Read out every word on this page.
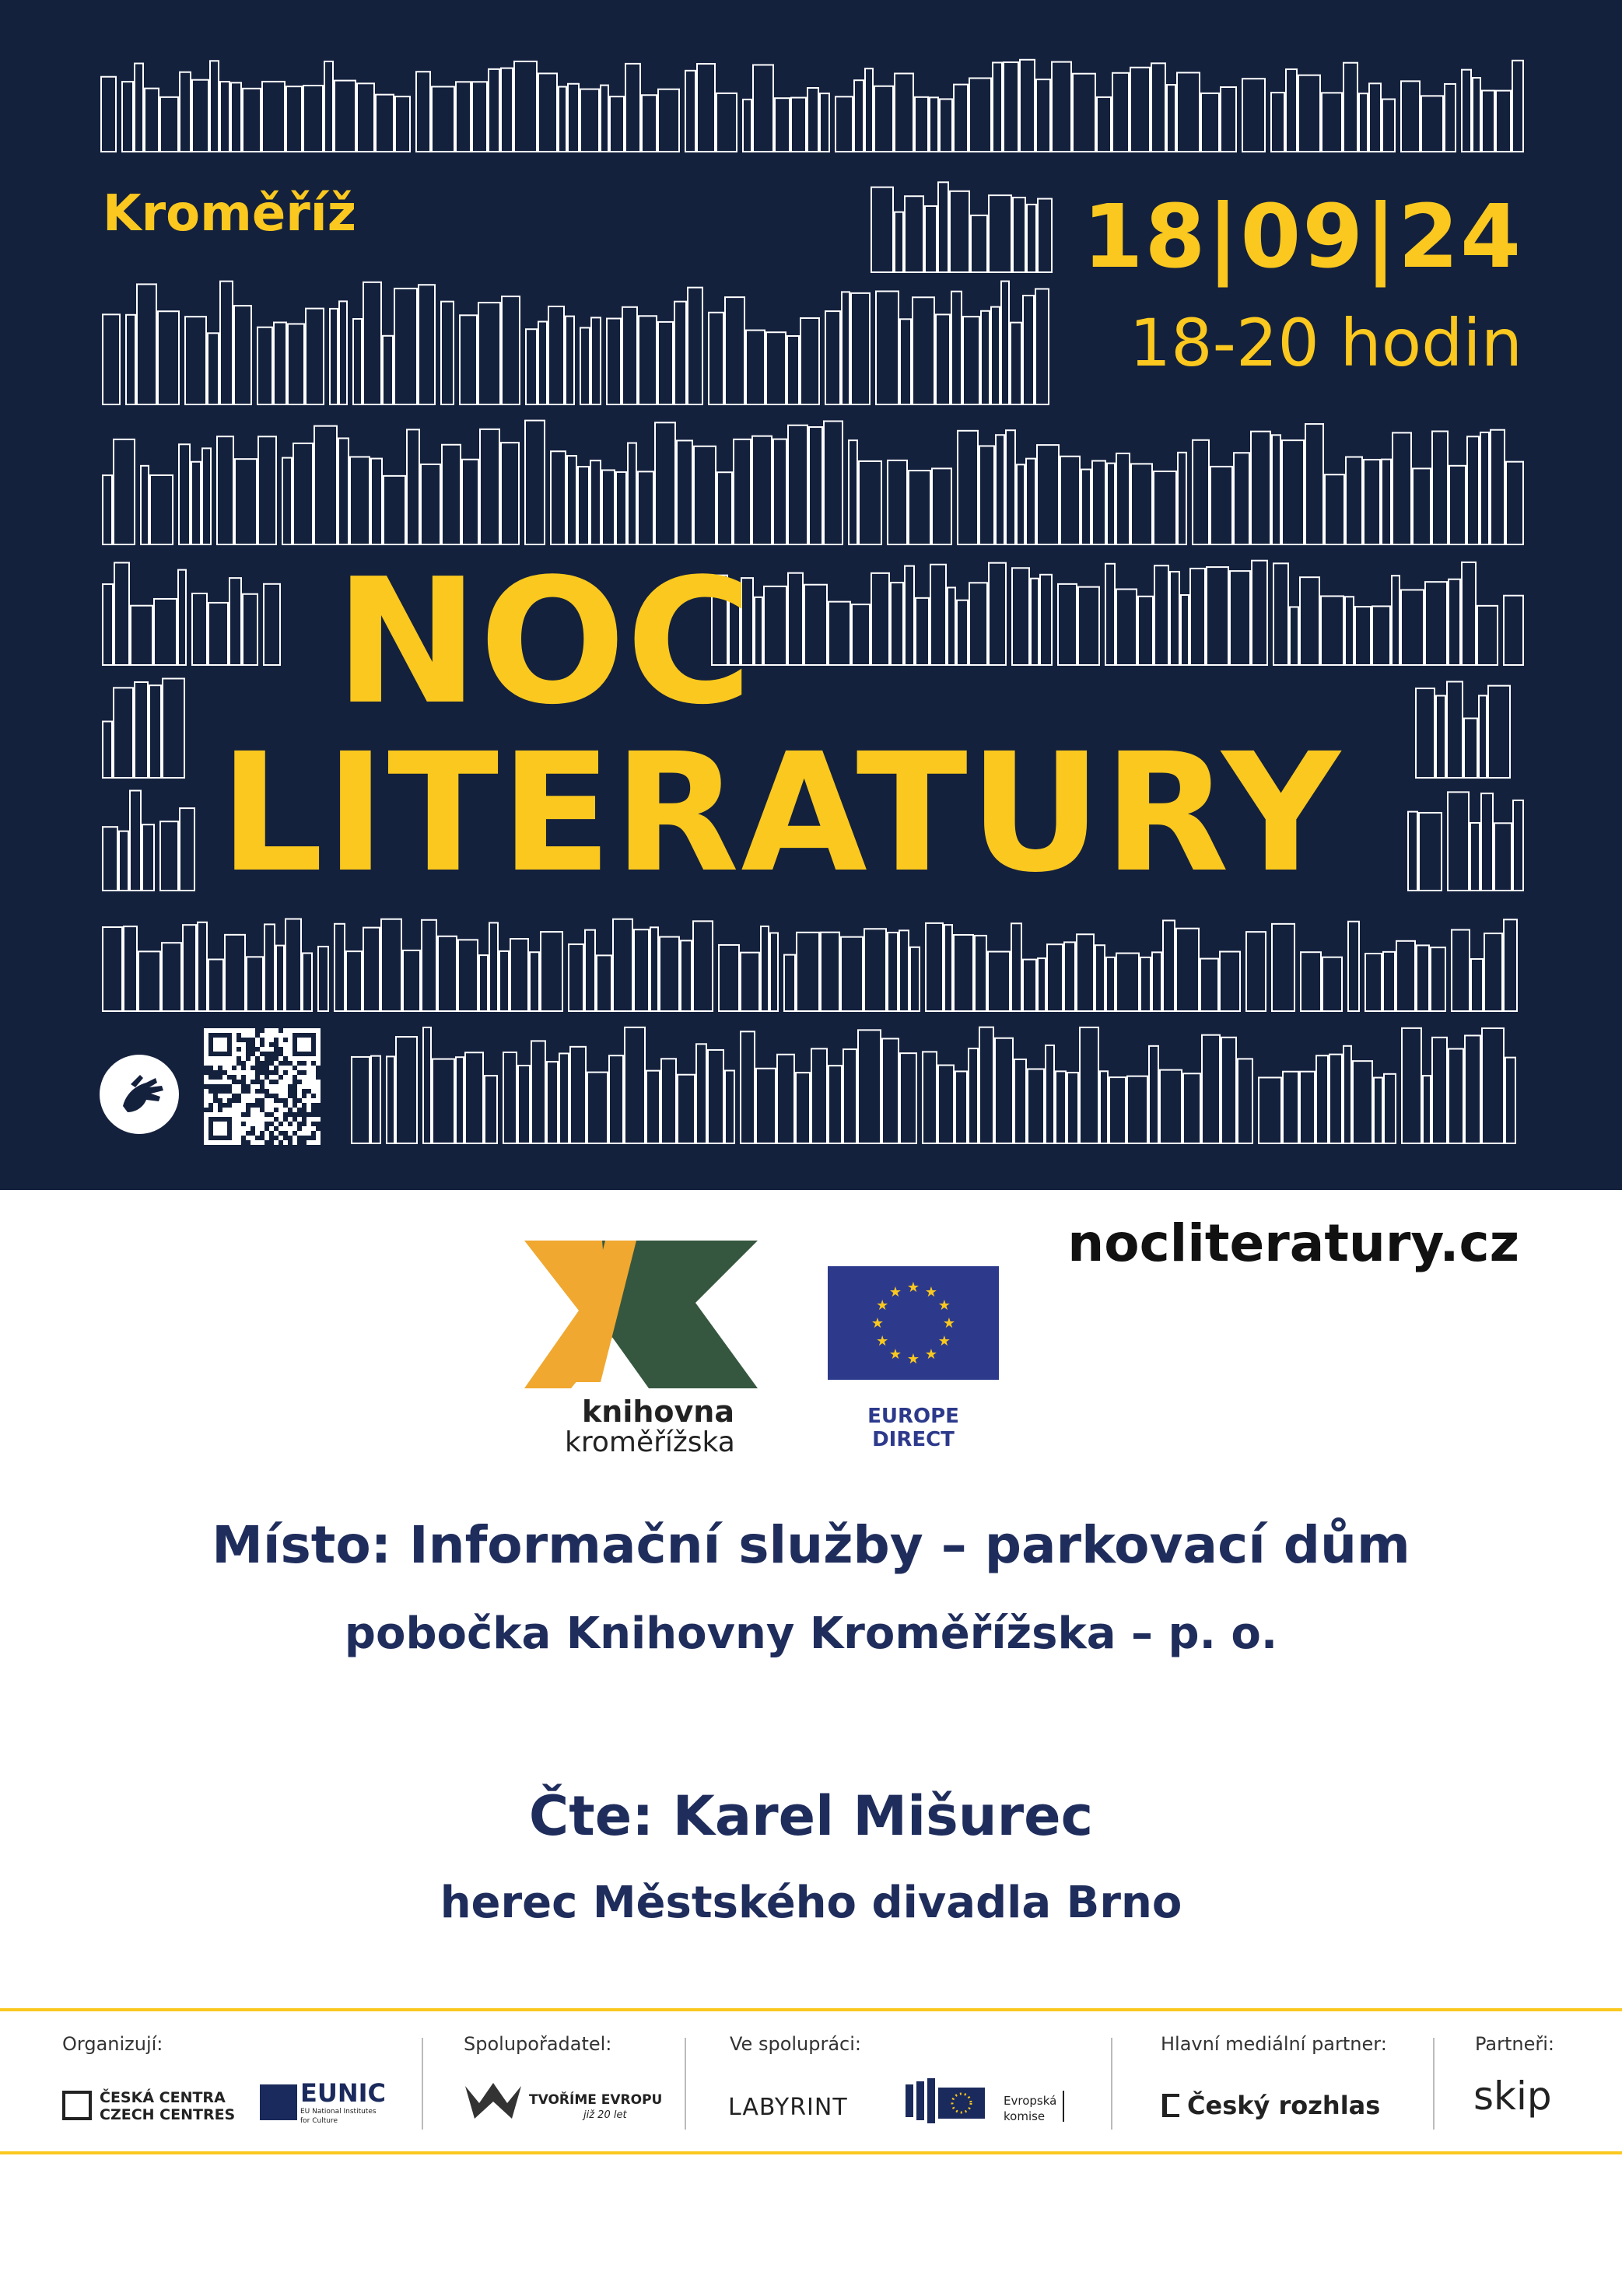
Kroměříž	18|09|24
18-20 hodin
NOC
LITERATURY
nocliteratury.cz
knihovna
kroměřížska
★ ★
★
★
★
★
★
★
★
★
★
★
EUROPE DIRECT
Místo: Informační služby – parkovací dům
pobočka Knihovny Kroměřížska – p. o.
Čte: Karel Mišurec
herec Městského divadla Brno
Organizují:
ČESKÁ CENTRA
CZECH CENTRES
EUNIC
EU National Institutes
for Culture
Spolupořadatel:
TVOŘÍME EVROPU
již 20 let
Ve spolupráci:
LABYRINT	Evropská
komise
Hlavní mediální partner:
Český rozhlas
Partneři:
skip
